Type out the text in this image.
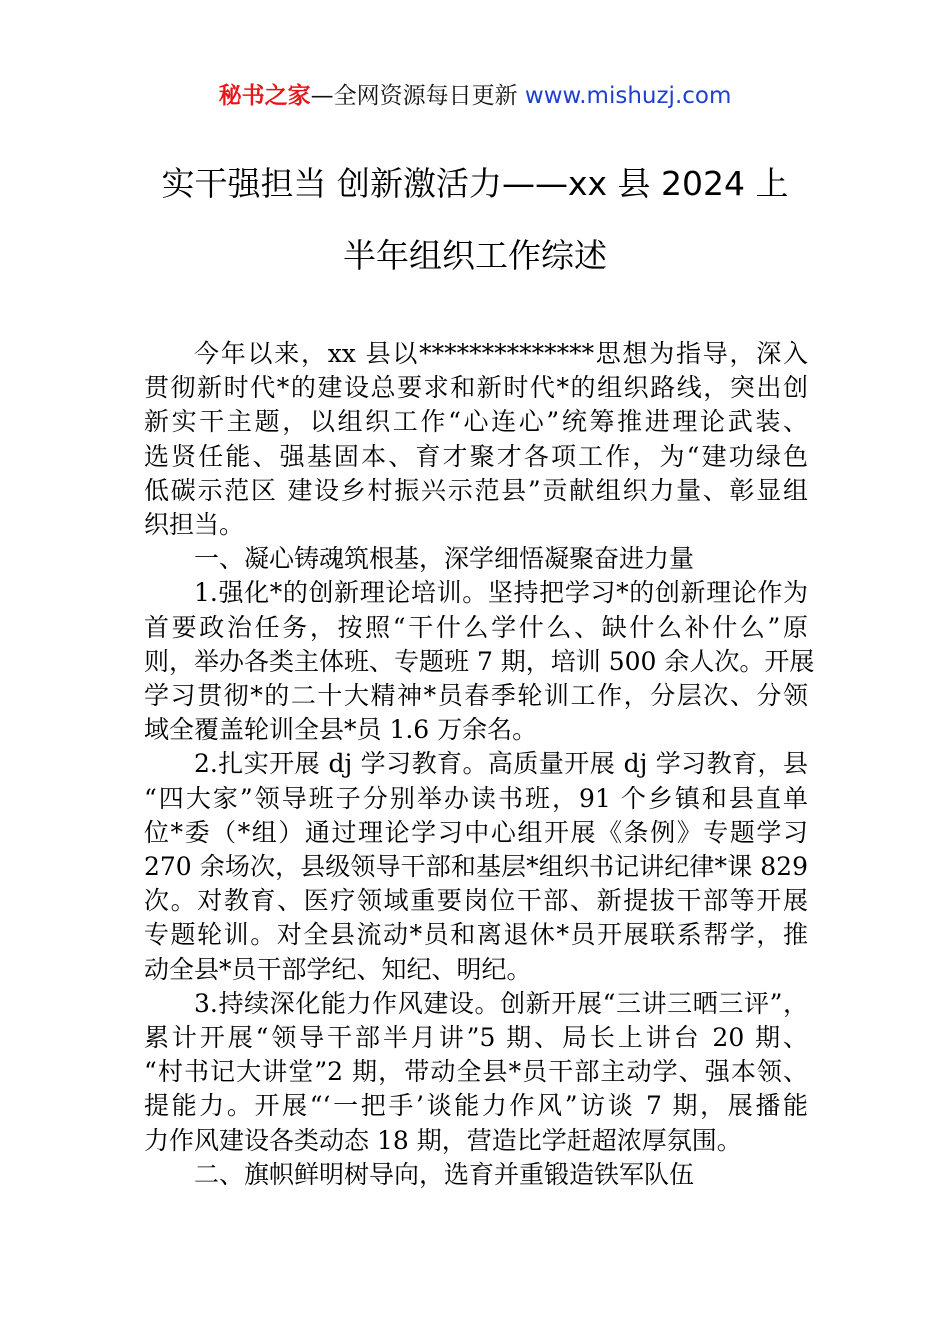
秘书之家—全网资源每日更新 www.mishuzj.com
实干强担当 创新激活力——xx 县 2024 上
半年组织工作综述
今年以来，xx 县以**************思想为指导，深入
贯彻新时代*的建设总要求和新时代*的组织路线，突出创
新实干主题，以组织工作“心连心”统筹推进理论武装、
选贤任能、强基固本、育才聚才各项工作，为“建功绿色
低碳示范区 建设乡村振兴示范县”贡献组织力量、彰显组
织担当。
一、凝心铸魂筑根基，深学细悟凝聚奋进力量
1.强化*的创新理论培训。坚持把学习*的创新理论作为
首要政治任务，按照“干什么学什么、缺什么补什么”原
则，举办各类主体班、专题班 7 期，培训 500 余人次。开展
学习贯彻*的二十大精神*员春季轮训工作，分层次、分领
域全覆盖轮训全县*员 1.6 万余名。
2.扎实开展 dj 学习教育。高质量开展 dj 学习教育，县
“四大家”领导班子分别举办读书班，91 个乡镇和县直单
位*委（*组）通过理论学习中心组开展《条例》专题学习
270 余场次，县级领导干部和基层*组织书记讲纪律*课 829
次。对教育、医疗领域重要岗位干部、新提拔干部等开展
专题轮训。对全县流动*员和离退休*员开展联系帮学，推
动全县*员干部学纪、知纪、明纪。
3.持续深化能力作风建设。创新开展“三讲三晒三评”，
累计开展“领导干部半月讲”5 期、局长上讲台 20 期、
“村书记大讲堂”2 期，带动全县*员干部主动学、强本领、
提能力。开展“‘一把手’谈能力作风”访谈 7 期，展播能
力作风建设各类动态 18 期，营造比学赶超浓厚氛围。
二、旗帜鲜明树导向，选育并重锻造铁军队伍
